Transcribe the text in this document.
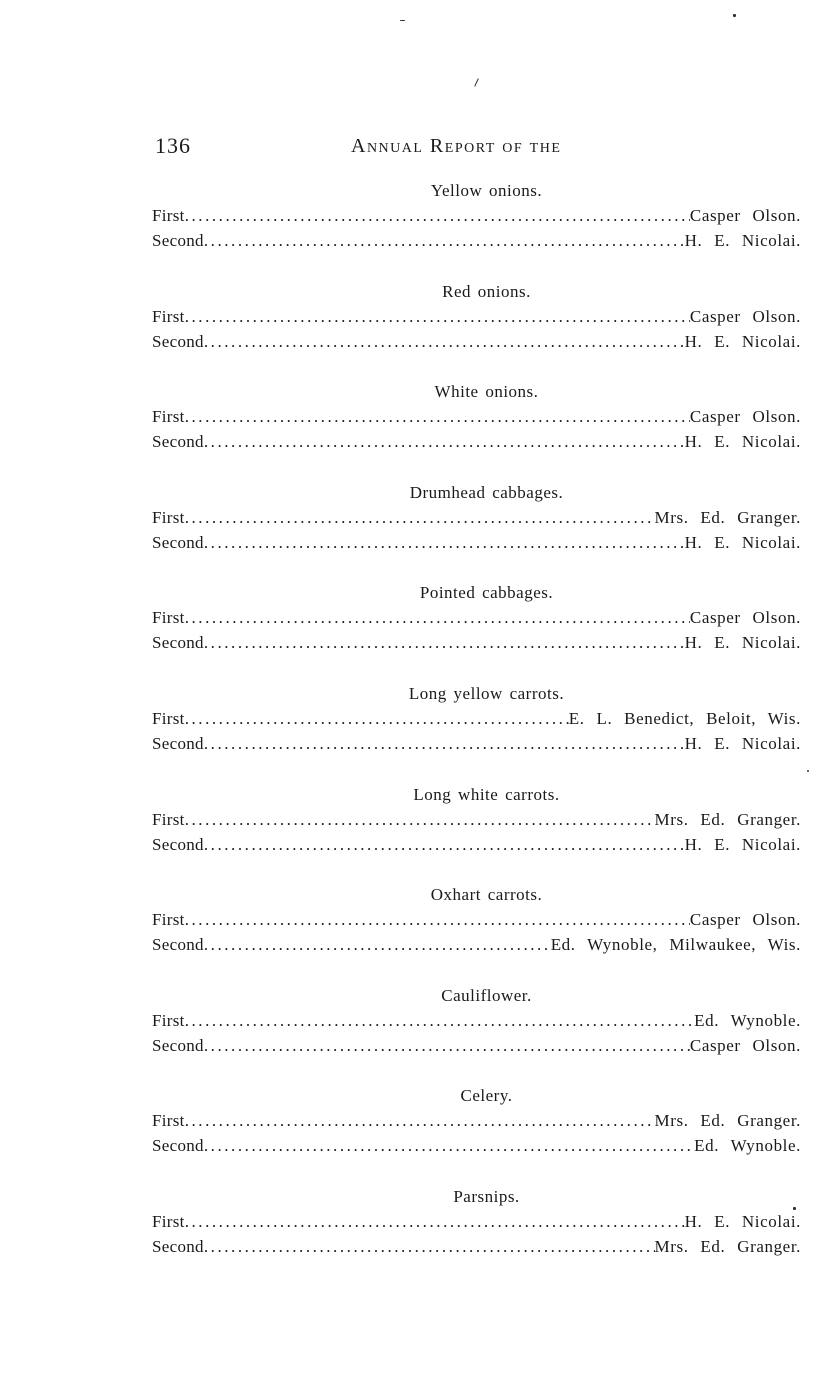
136	Annual Report of the
Yellow onions.
First .....	Casper Olson.
Second .....	H. E. Nicolai.
Red onions.
First .....	Casper Olson.
Second .....	H. E. Nicolai.
White onions.
First .....	Casper Olson.
Second .....	H. E. Nicolai.
Drumhead cabbages.
First .....	Mrs. Ed. Granger.
Second .....	H. E. Nicolai.
Pointed cabbages.
First .....	Casper Olson.
Second .....	H. E. Nicolai.
Long yellow carrots.
First .....	E. L. Benedict, Beloit, Wis.
Second .....	H. E. Nicolai.
Long white carrots.
First .....	Mrs. Ed. Granger.
Second .....	H. E. Nicolai.
Oxhart carrots.
First .....	Casper Olson.
Second .....	Ed. Wynoble, Milwaukee, Wis.
Cauliflower.
First .....	Ed. Wynoble.
Second .....	Casper Olson.
Celery.
First .....	Mrs. Ed. Granger.
Second .....	Ed. Wynoble.
Parsnips.
First .....	H. E. Nicolai.
Second .....	Mrs. Ed. Granger.
